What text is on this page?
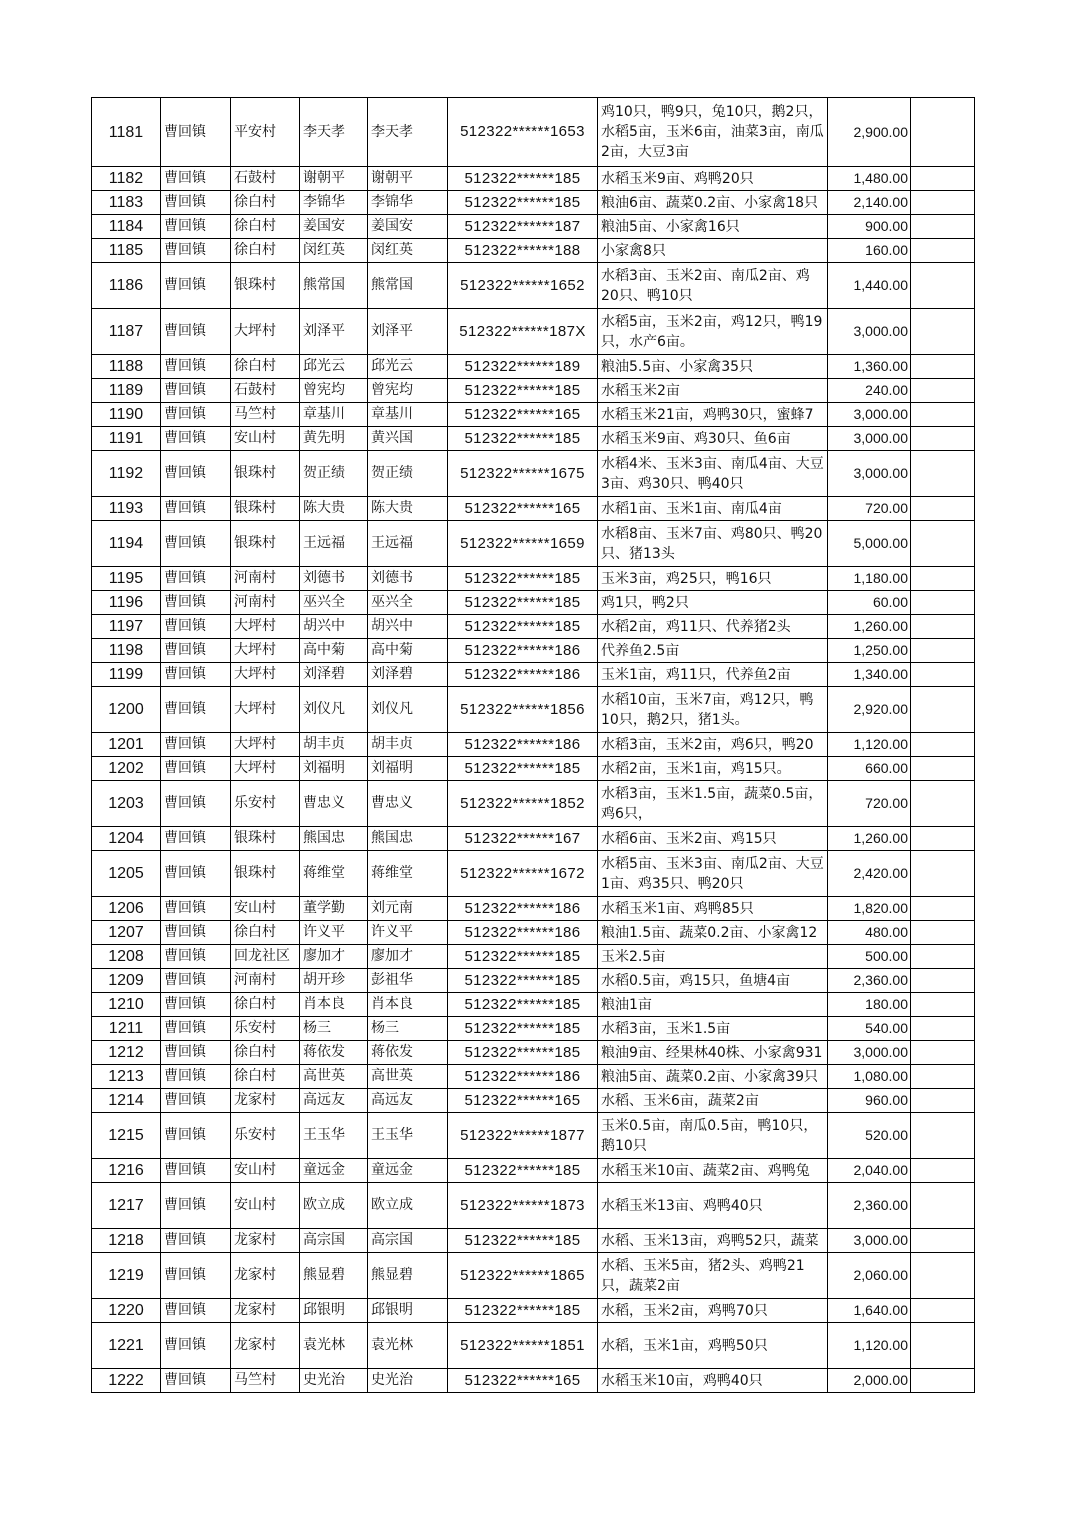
1181	曹回镇	平安村	李天孝	李天孝	512322******1653	鸡10只，鸭9只，兔10只，鹅2只，水稻5亩，玉米6亩，油菜3亩，南瓜2亩，大豆3亩	2,900.00	
1182	曹回镇	石鼓村	谢朝平	谢朝平	512322******185	水稻玉米9亩、鸡鸭20只	1,480.00	
1183	曹回镇	徐白村	李锦华	李锦华	512322******185	粮油6亩、蔬菜0.2亩、小家禽18只	2,140.00	
1184	曹回镇	徐白村	姜国安	姜国安	512322******187	粮油5亩、小家禽16只	900.00	
1185	曹回镇	徐白村	闵红英	闵红英	512322******188	小家禽8只	160.00	
1186	曹回镇	银珠村	熊常国	熊常国	512322******1652	水稻3亩、玉米2亩、南瓜2亩、鸡20只、鸭10只	1,440.00	
1187	曹回镇	大坪村	刘泽平	刘泽平	512322******187X	水稻5亩，玉米2亩，鸡12只，鸭19只，水产6亩。	3,000.00	
1188	曹回镇	徐白村	邱光云	邱光云	512322******189	粮油5.5亩、小家禽35只	1,360.00	
1189	曹回镇	石鼓村	曾宪均	曾宪均	512322******185	水稻玉米2亩	240.00	
1190	曹回镇	马竺村	章基川	章基川	512322******165	水稻玉米21亩，鸡鸭30只，蜜蜂7	3,000.00	
1191	曹回镇	安山村	黄先明	黄兴国	512322******185	水稻玉米9亩、鸡30只、鱼6亩	3,000.00	
1192	曹回镇	银珠村	贺正绩	贺正绩	512322******1675	水稻4米、玉米3亩、南瓜4亩、大豆3亩、鸡30只、鸭40只	3,000.00	
1193	曹回镇	银珠村	陈大贵	陈大贵	512322******165	水稻1亩、玉米1亩、南瓜4亩	720.00	
1194	曹回镇	银珠村	王远福	王远福	512322******1659	水稻8亩、玉米7亩、鸡80只、鸭20只、猪13头	5,000.00	
1195	曹回镇	河南村	刘德书	刘德书	512322******185	玉米3亩，鸡25只，鸭16只	1,180.00	
1196	曹回镇	河南村	巫兴全	巫兴全	512322******185	鸡1只，鸭2只	60.00	
1197	曹回镇	大坪村	胡兴中	胡兴中	512322******185	水稻2亩，鸡11只、代养猪2头	1,260.00	
1198	曹回镇	大坪村	高中菊	高中菊	512322******186	代养鱼2.5亩	1,250.00	
1199	曹回镇	大坪村	刘泽碧	刘泽碧	512322******186	玉米1亩，鸡11只，代养鱼2亩	1,340.00	
1200	曹回镇	大坪村	刘仪凡	刘仪凡	512322******1856	水稻10亩，玉米7亩，鸡12只，鸭10只，鹅2只，猪1头。	2,920.00	
1201	曹回镇	大坪村	胡丰贞	胡丰贞	512322******186	水稻3亩，玉米2亩，鸡6只，鸭20	1,120.00	
1202	曹回镇	大坪村	刘福明	刘福明	512322******185	水稻2亩，玉米1亩，鸡15只。	660.00	
1203	曹回镇	乐安村	曹忠义	曹忠义	512322******1852	水稻3亩，玉米1.5亩，蔬菜0.5亩，鸡6只，	720.00	
1204	曹回镇	银珠村	熊国忠	熊国忠	512322******167	水稻6亩、玉米2亩、鸡15只	1,260.00	
1205	曹回镇	银珠村	蒋维堂	蒋维堂	512322******1672	水稻5亩、玉米3亩、南瓜2亩、大豆1亩、鸡35只、鸭20只	2,420.00	
1206	曹回镇	安山村	董学勤	刘元南	512322******186	水稻玉米1亩、鸡鸭85只	1,820.00	
1207	曹回镇	徐白村	许义平	许义平	512322******186	粮油1.5亩、蔬菜0.2亩、小家禽12	480.00	
1208	曹回镇	回龙社区	廖加才	廖加才	512322******185	玉米2.5亩	500.00	
1209	曹回镇	河南村	胡开珍	彭祖华	512322******185	水稻0.5亩，鸡15只，鱼塘4亩	2,360.00	
1210	曹回镇	徐白村	肖本良	肖本良	512322******185	粮油1亩	180.00	
1211	曹回镇	乐安村	杨三	杨三	512322******185	水稻3亩，玉米1.5亩	540.00	
1212	曹回镇	徐白村	蒋依发	蒋依发	512322******185	粮油9亩、经果林40株、小家禽931	3,000.00	
1213	曹回镇	徐白村	高世英	高世英	512322******186	粮油5亩、蔬菜0.2亩、小家禽39只	1,080.00	
1214	曹回镇	龙家村	高远友	高远友	512322******165	水稻、玉米6亩，蔬菜2亩	960.00	
1215	曹回镇	乐安村	王玉华	王玉华	512322******1877	玉米0.5亩，南瓜0.5亩，鸭10只，鹅10只	520.00	
1216	曹回镇	安山村	童远金	童远金	512322******185	水稻玉米10亩、蔬菜2亩、鸡鸭兔	2,040.00	
1217	曹回镇	安山村	欧立成	欧立成	512322******1873	水稻玉米13亩、鸡鸭40只	2,360.00	
1218	曹回镇	龙家村	高宗国	高宗国	512322******185	水稻、玉米13亩，鸡鸭52只，蔬菜	3,000.00	
1219	曹回镇	龙家村	熊显碧	熊显碧	512322******1865	水稻、玉米5亩，猪2头、鸡鸭21只，蔬菜2亩	2,060.00	
1220	曹回镇	龙家村	邱银明	邱银明	512322******185	水稻，玉米2亩，鸡鸭70只	1,640.00	
1221	曹回镇	龙家村	袁光林	袁光林	512322******1851	水稻，玉米1亩，鸡鸭50只	1,120.00	
1222	曹回镇	马竺村	史光治	史光治	512322******165	水稻玉米10亩，鸡鸭40只	2,000.00	
